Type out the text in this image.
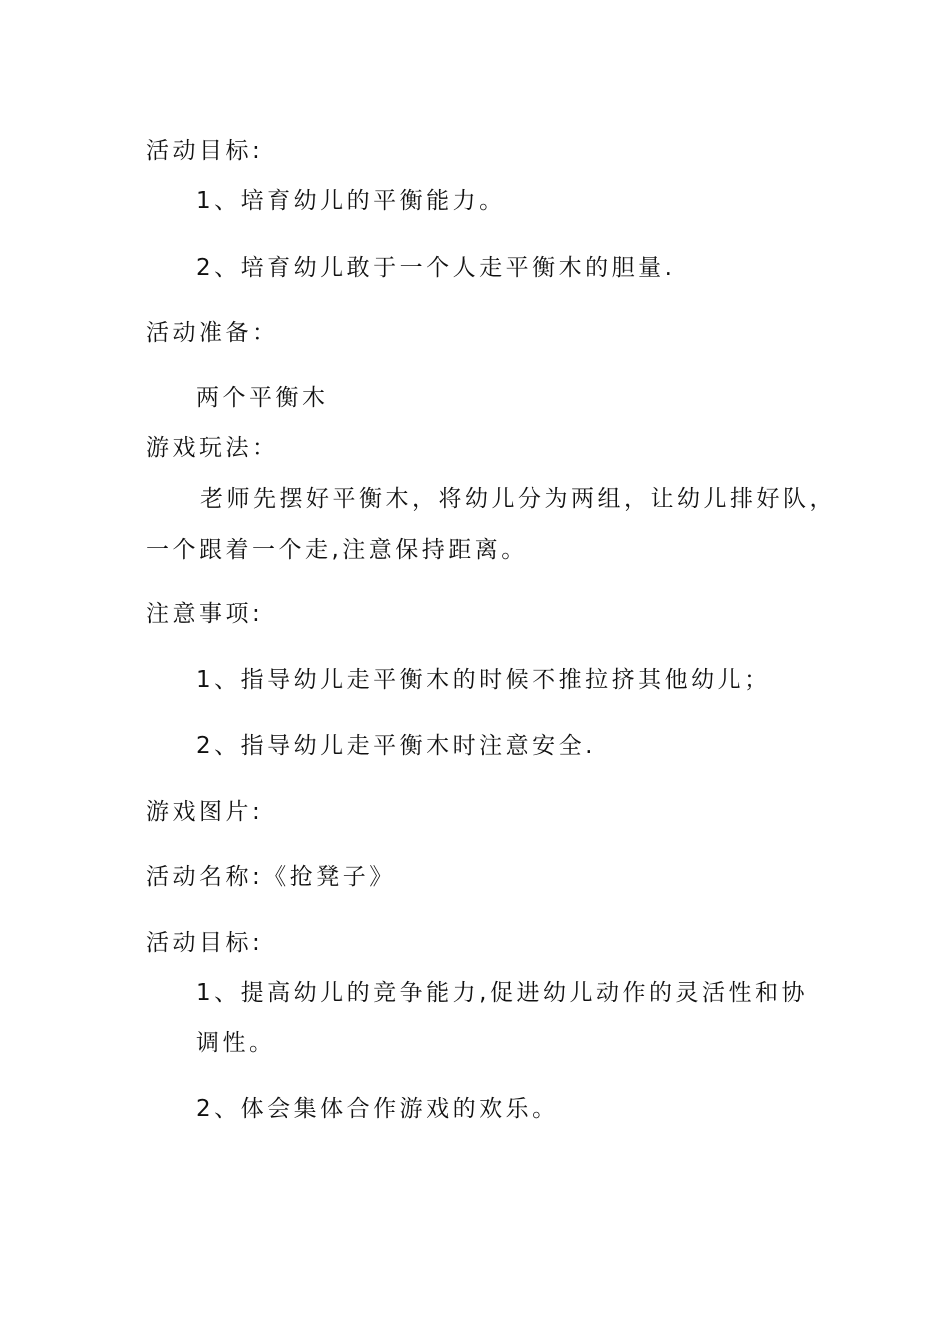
活动目标:
1、培育幼儿的平衡能力。
2、培育幼儿敢于一个人走平衡木的胆量.
活动准备：
两个平衡木
游戏玩法：
老师先摆好平衡木，将幼儿分为两组，让幼儿排好队，
一个跟着一个走,注意保持距离。
注意事项:
1、指导幼儿走平衡木的时候不推拉挤其他幼儿；
2、指导幼儿走平衡木时注意安全.
游戏图片:
活动名称:《抢凳子》
活动目标:
1、提高幼儿的竞争能力,促进幼儿动作的灵活性和协
调性。
2、体会集体合作游戏的欢乐。
